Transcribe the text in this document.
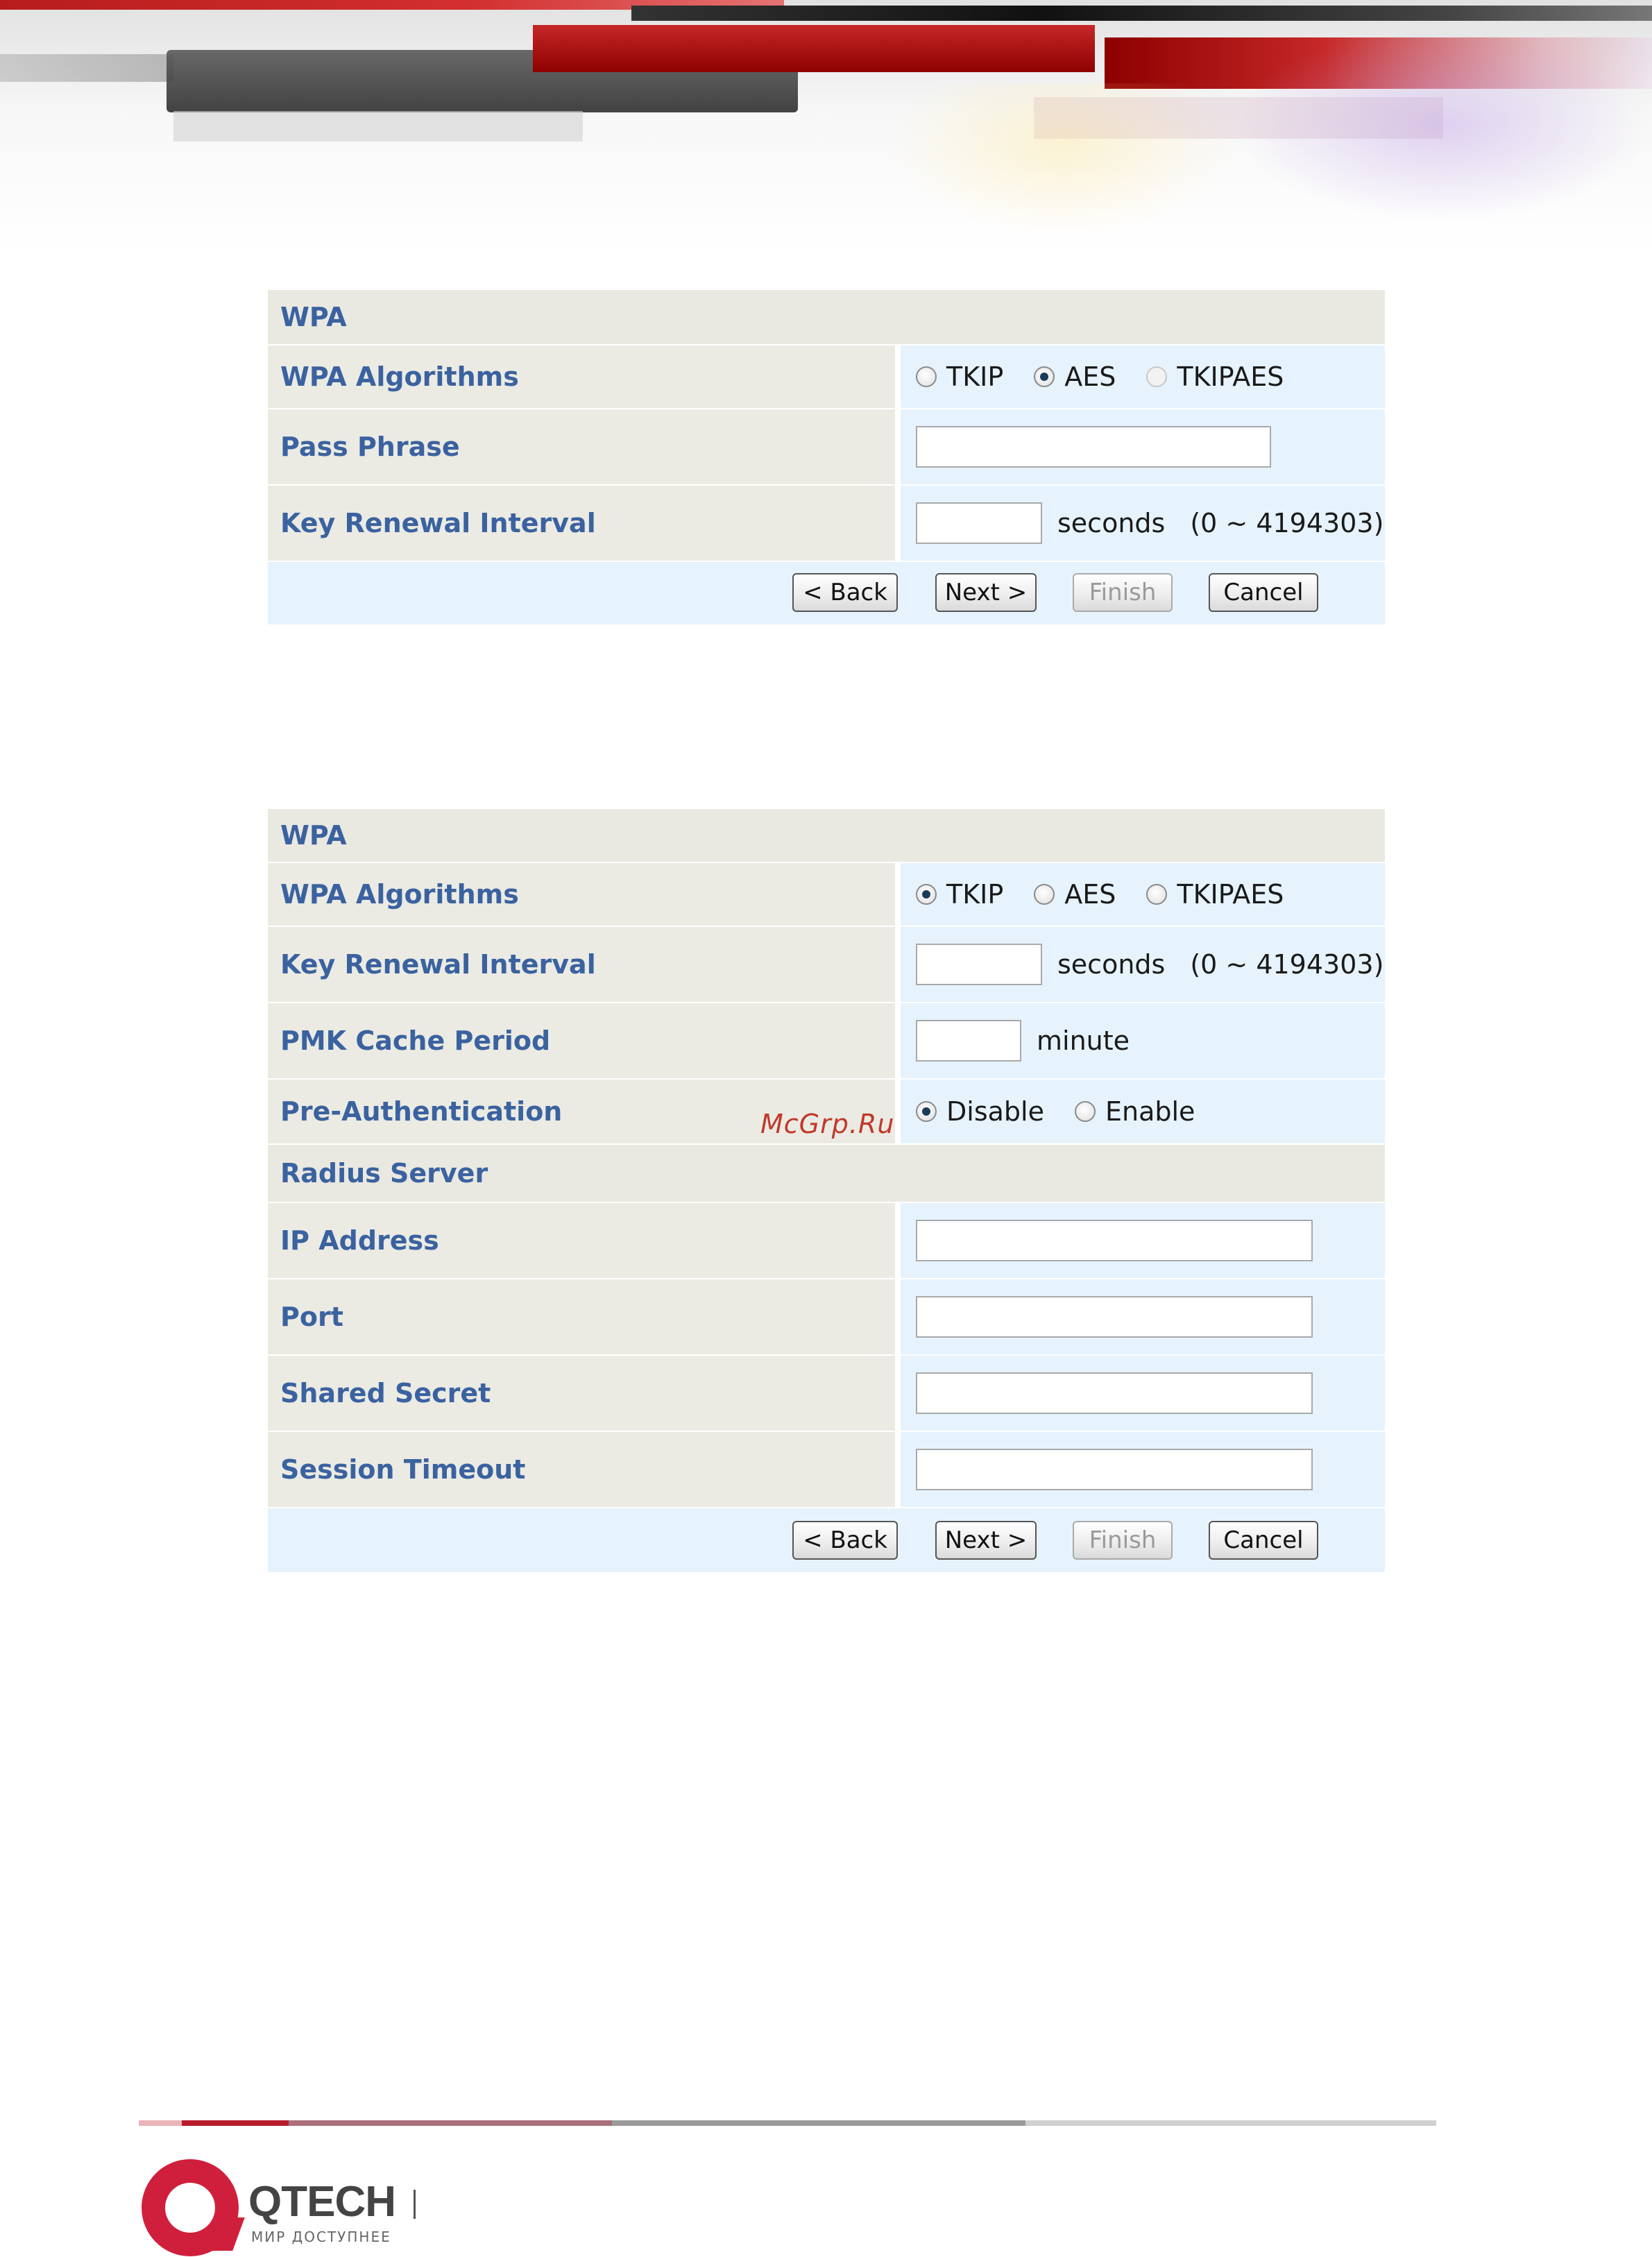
WPA
WPA Algorithms	TKIP AES TKIPAES
Pass Phrase
Key Renewal Interval	seconds (0 ~ 4194303)
< Back	Next >	Finish	Cancel
WPA
WPA Algorithms	TKIP AES TKIPAES
Key Renewal Interval	seconds (0 ~ 4194303)
PMK Cache Period	minute
Pre-Authentication	Disable Enable
Radius Server
IP Address
Port
Shared Secret
Session Timeout
< Back	Next >	Finish	Cancel
McGrp.Ru
QTECH
МИР ДОСТУПНЕЕ
